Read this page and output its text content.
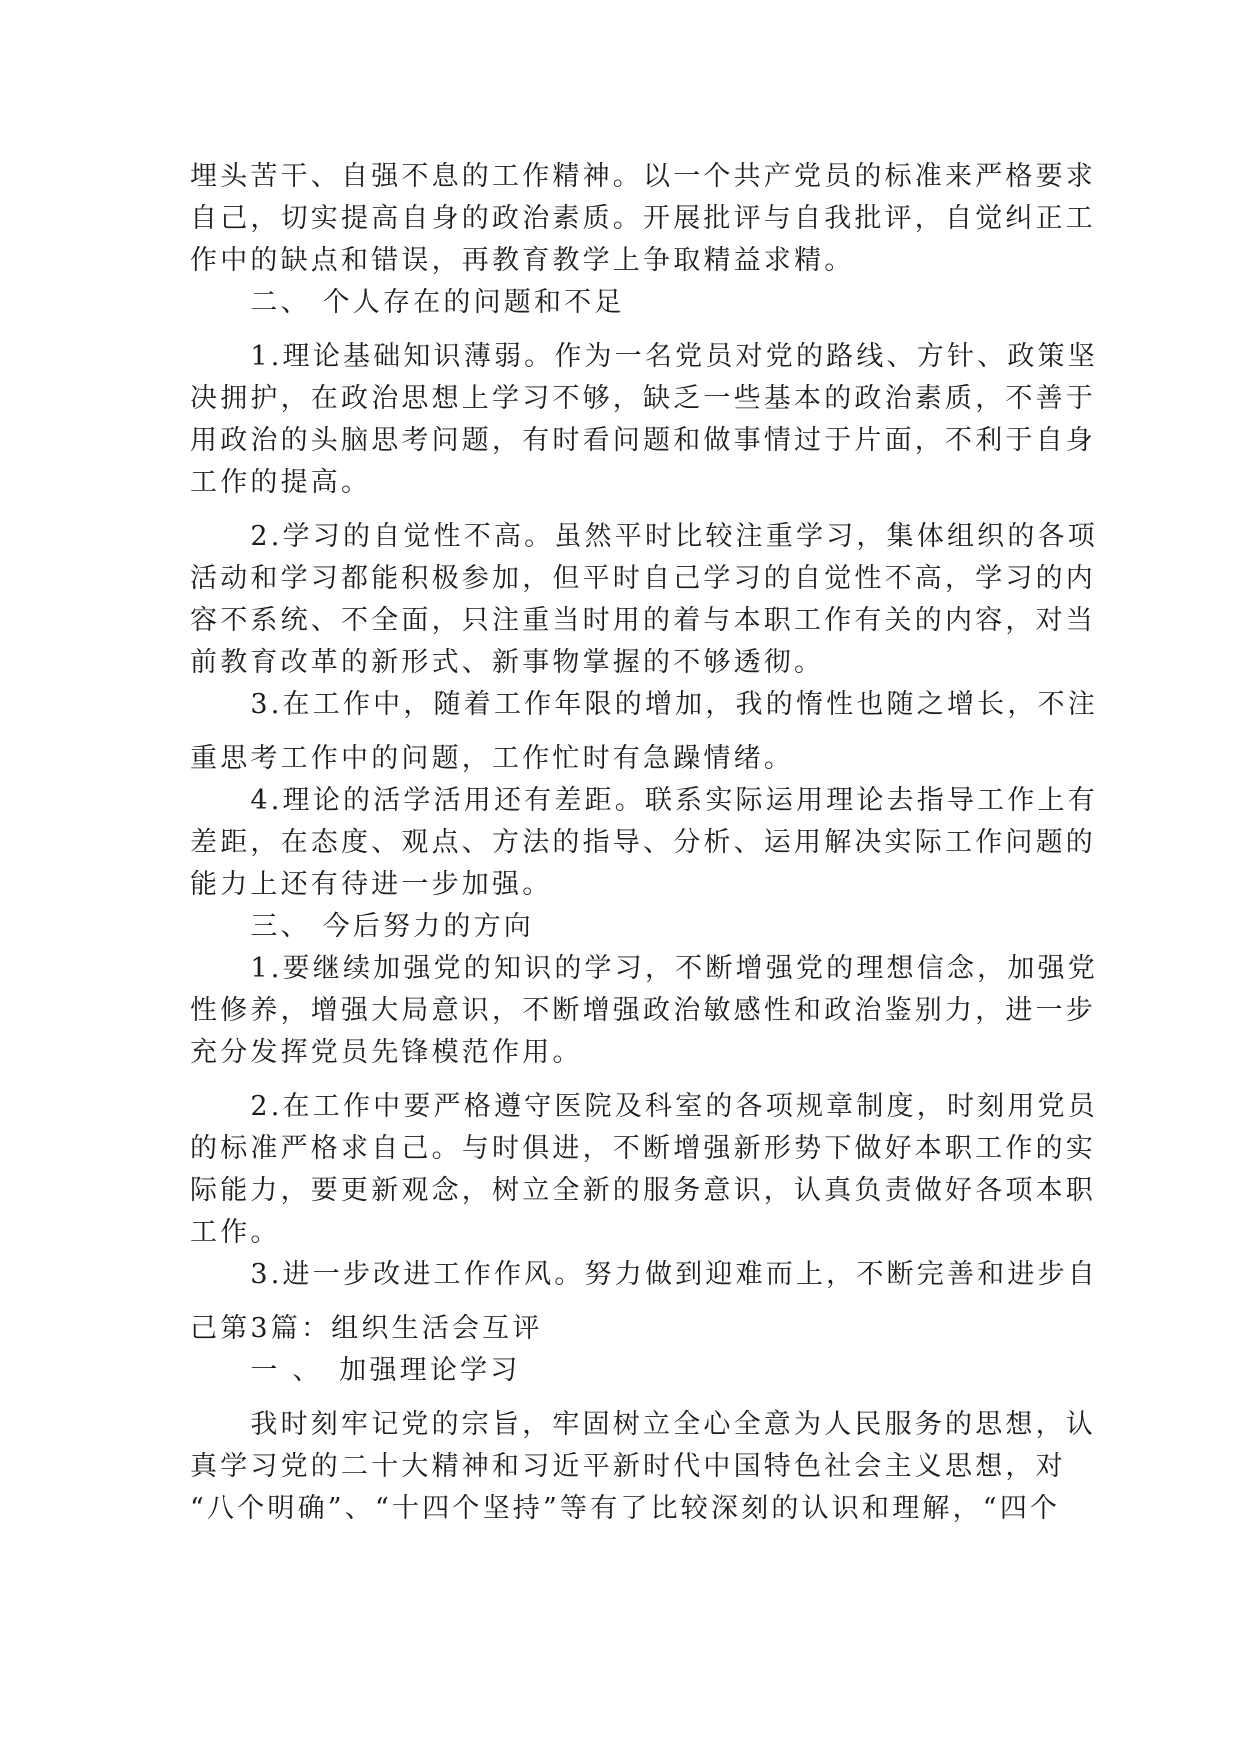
埋头苦干、自强不息的工作精神。以一个共产党员的标准来严格要求
自己，切实提高自身的政治素质。开展批评与自我批评，自觉纠正工
作中的缺点和错误，再教育教学上争取精益求精。
　　二、 个人存在的问题和不足
　　1.理论基础知识薄弱。作为一名党员对党的路线、方针、政策坚
决拥护，在政治思想上学习不够，缺乏一些基本的政治素质，不善于
用政治的头脑思考问题，有时看问题和做事情过于片面，不利于自身
工作的提高。
　　2.学习的自觉性不高。虽然平时比较注重学习，集体组织的各项
活动和学习都能积极参加，但平时自己学习的自觉性不高，学习的内
容不系统、不全面，只注重当时用的着与本职工作有关的内容，对当
前教育改革的新形式、新事物掌握的不够透彻。
　　3.在工作中，随着工作年限的增加，我的惰性也随之增长，不注
重思考工作中的问题，工作忙时有急躁情绪。
　　4.理论的活学活用还有差距。联系实际运用理论去指导工作上有
差距，在态度、观点、方法的指导、分析、运用解决实际工作问题的
能力上还有待进一步加强。
　　三、 今后努力的方向
　　1.要继续加强党的知识的学习，不断增强党的理想信念，加强党
性修养，增强大局意识，不断增强政治敏感性和政治鉴别力，进一步
充分发挥党员先锋模范作用。
　　2.在工作中要严格遵守医院及科室的各项规章制度，时刻用党员
的标准严格求自己。与时俱进，不断增强新形势下做好本职工作的实
际能力，要更新观念，树立全新的服务意识，认真负责做好各项本职
工作。
　　3.进一步改进工作作风。努力做到迎难而上，不断完善和进步自
己第3篇：组织生活会互评
　　一 、　加强理论学习
　　我时刻牢记党的宗旨，牢固树立全心全意为人民服务的思想，认
真学习党的二十大精神和习近平新时代中国特色社会主义思想，对
“八个明确”、“十四个坚持”等有了比较深刻的认识和理解，“四个
